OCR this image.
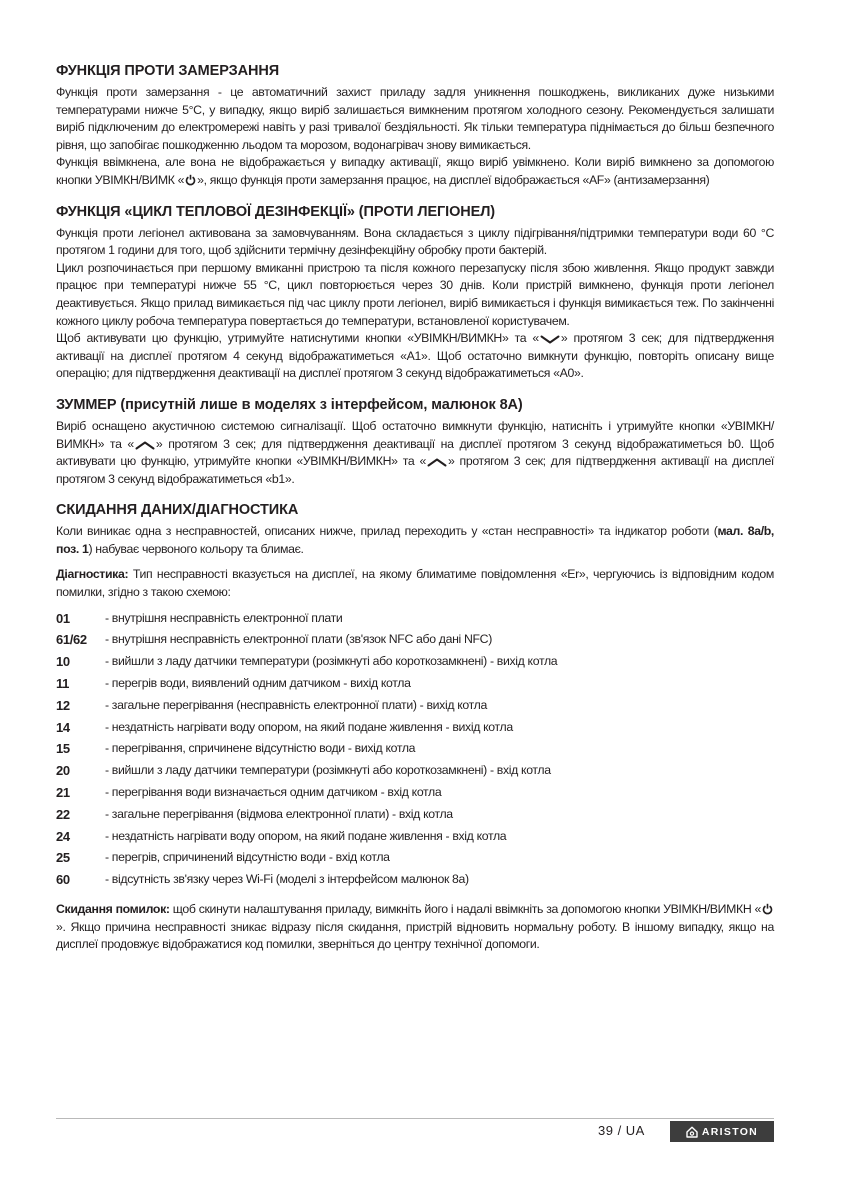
ФУНКЦІЯ ПРОТИ ЗАМЕРЗАННЯ

Функція проти замерзання - це автоматичний захист приладу задля уникнення пошкоджень, викликаних дуже низькими температурами нижче 5°С, у випадку, якщо виріб залишається вимкненим протягом холодного сезону. Рекомендується залишати виріб підключеним до електромережі навіть у разі тривалої бездіяльності. Як тільки температура піднімається до більш безпечного рівня, що запобігає пошкодженню льодом та морозом, водонагрівач знову вимикається.

Функція ввімкнена, але вона не відображається у випадку активації, якщо виріб увімкнено. Коли виріб вимкнено за допомогою кнопки УВІМКН/ВИМК « », якщо функція проти замерзання працює, на дисплеї відображається «AF» (антизамерзання)

ФУНКЦІЯ «ЦИКЛ ТЕПЛОВОЇ ДЕЗІНФЕКЦІЇ» (ПРОТИ ЛЕГІОНЕЛ)

Функція проти легіонел активована за замовчуванням. Вона складається з циклу підігрівання/підтримки температури води 60 °C протягом 1 години для того, щоб здійснити термічну дезінфекційну обробку проти бактерій.

Цикл розпочинається при першому вмиканні пристрою та після кожного перезапуску після збою живлення. Якщо продукт завжди працює при температурі нижче 55 °C, цикл повторюється через 30 днів. Коли пристрій вимкнено, функція проти легіонел деактивується. Якщо прилад вимикається під час циклу проти легіонел, виріб вимикається і функція вимикається теж. По закінченні кожного циклу робоча температура повертається до температури, встановленої користувачем.

Щоб активувати цю функцію, утримуйте натиснутими кнопки «УВІМКН/ВИМКН» та « » протягом 3 сек; для підтвердження активації на дисплеї протягом 4 секунд відображатиметься «A1». Щоб остаточно вимкнути функцію, повторіть описану вище операцію; для підтвердження деактивації на дисплеї протягом 3 секунд відображатиметься «A0».

ЗУММЕР (присутній лише в моделях з інтерфейсом, малюнок 8A)

Виріб оснащено акустичною системою сигналізації. Щоб остаточно вимкнути функцію, натисніть і утримуйте кнопки «УВІМКН/ВИМКН» та « » протягом 3 сек; для підтвердження деактивації на дисплеї протягом 3 секунд відображатиметься b0. Щоб активувати цю функцію, утримуйте кнопки «УВІМКН/ВИМКН» та « » протягом 3 сек; для підтвердження активації на дисплеї протягом 3 секунд відображатиметься «b1».

СКИДАННЯ ДАНИХ/ДІАГНОСТИКА

Коли виникає одна з несправностей, описаних нижче, прилад переходить у «стан несправності» та індикатор роботи (мал. 8a/b, поз. 1) набуває червоного кольору та блимає.

Діагностика: Тип несправності вказується на дисплеї, на якому блиматиме повідомлення «Er», чергуючись із відповідним кодом помилки, згідно з такою схемою:

01	- внутрішня несправність електронної плати
61/62	- внутрішня несправність електронної плати (зв'язок NFC або дані NFC)
10	- вийшли з ладу датчики температури (розімкнуті або короткозамкнені) - вихід котла
11	- перегрів води, виявлений одним датчиком - вихід котла
12	- загальне перегрівання (несправність електронної плати) - вихід котла
14	- нездатність нагрівати воду опором, на який подане живлення - вихід котла
15	- перегрівання, спричинене відсутністю води - вихід котла
20	- вийшли з ладу датчики температури (розімкнуті або короткозамкнені) - вхід котла
21	- перегрівання води визначається одним датчиком - вхід котла
22	- загальне перегрівання (відмова електронної плати) - вхід котла
24	- нездатність нагрівати воду опором, на який подане живлення - вхід котла
25	- перегрів, спричинений відсутністю води - вхід котла
60	- відсутність зв'язку через Wi-Fi (моделі з інтерфейсом малюнок 8a)

Скидання помилок: щоб скинути налаштування приладу, вимкніть його і надалі ввімкніть за допомогою кнопки УВІМКН/ВИМКН «». Якщо причина несправності зникає відразу після скидання, пристрій відновить нормальну роботу. В іншому випадку, якщо на дисплеї продовжує відображатися код помилки, зверніться до центру технічної допомоги.

39 / UA	ARISTON
